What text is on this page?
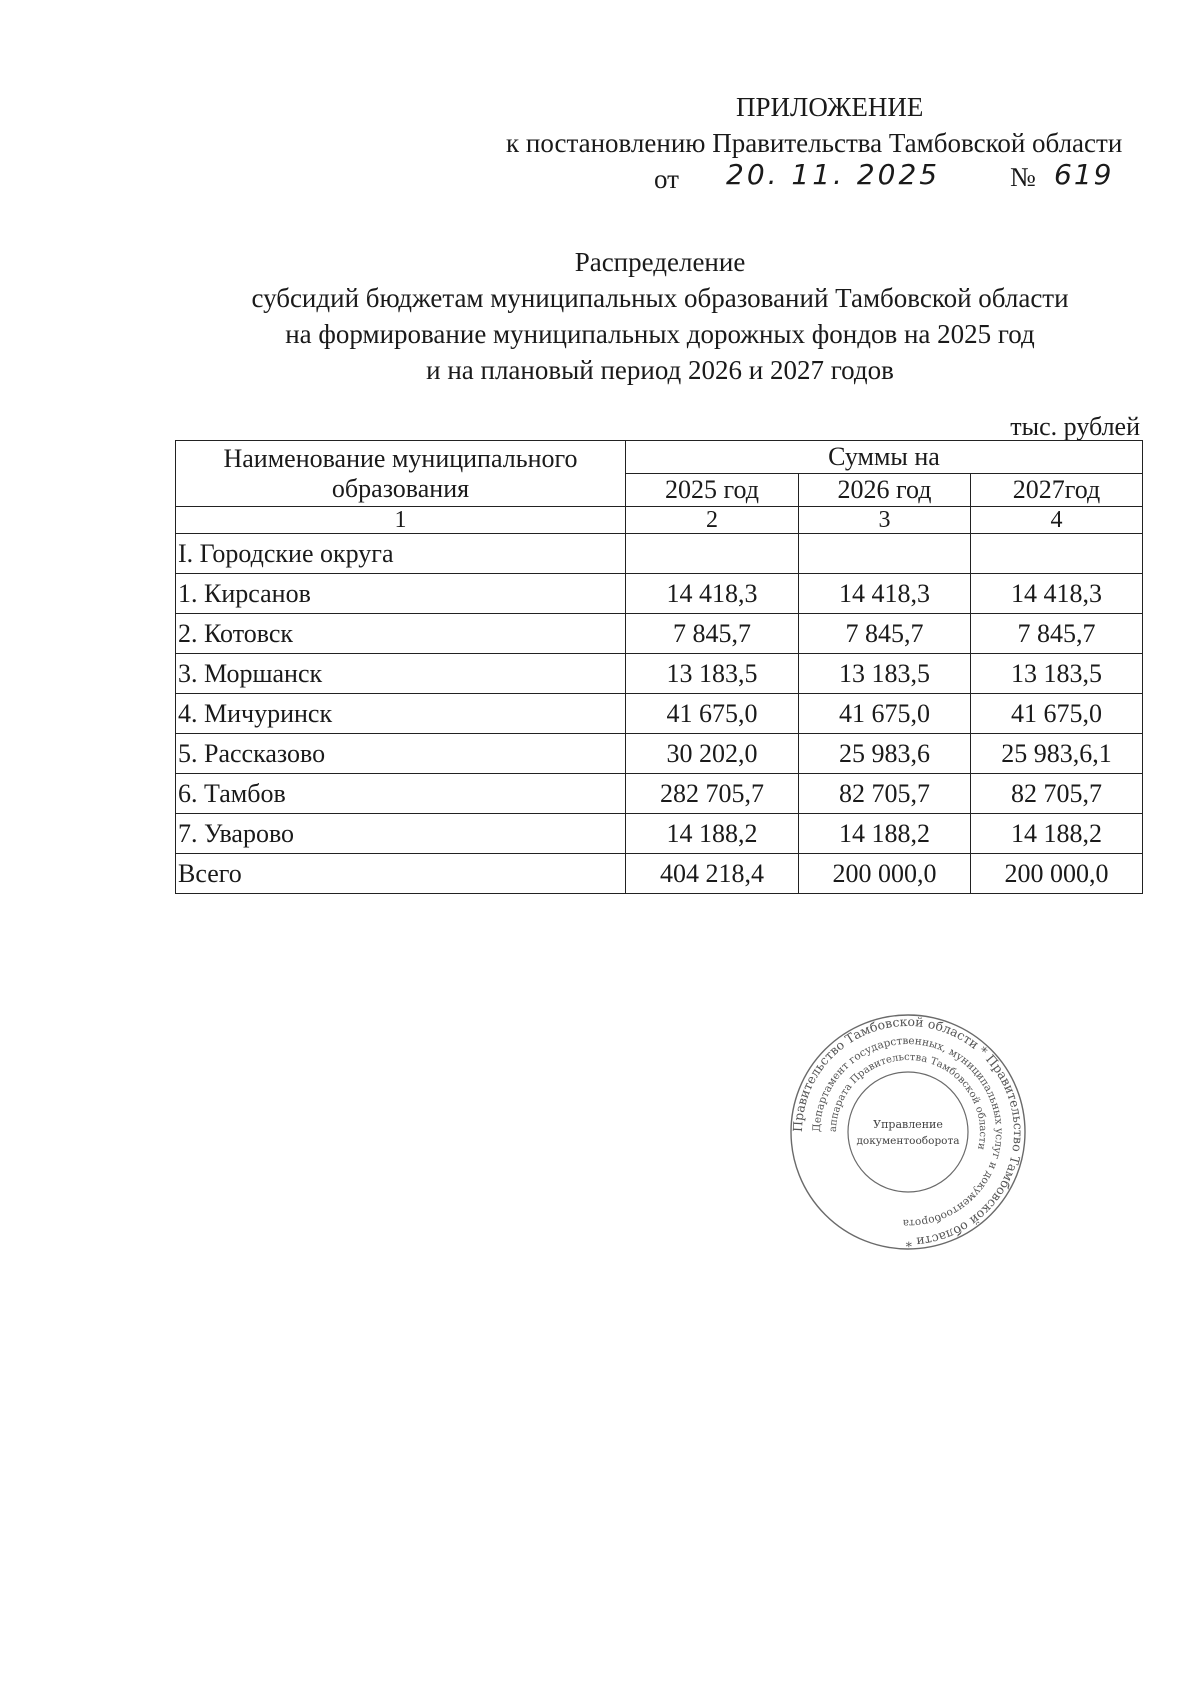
ПРИЛОЖЕНИЕ
к постановлению Правительства Тамбовской области
от 20. 11. 2025	№ 619
Распределение
субсидий бюджетам муниципальных образований Тамбовской области
на формирование муниципальных дорожных фондов на 2025 год
и на плановый период 2026 и 2027 годов
тыс. рублей
Наименование муниципального образования	Суммы на		
	2025 год	2026 год	2027год
1	2	3	4
I. Городские округа			
1. Кирсанов	14 418,3	14 418,3	14 418,3
2. Котовск	7 845,7	7 845,7	7 845,7
3. Моршанск	13 183,5	13 183,5	13 183,5
4. Мичуринск	41 675,0	41 675,0	41 675,0
5. Рассказово	30 202,0	25 983,6	25 983,6,1
6. Тамбов	282 705,7	82 705,7	82 705,7
7. Уварово	14 188,2	14 188,2	14 188,2
Всего	404 218,4	200 000,0	200 000,0
Правительство Тамбовской области * Правительство Тамбовской области *
Департамент государственных, муниципальных услуг и документооборота
аппарата Правительства Тамбовской области
Управление
документооборота
